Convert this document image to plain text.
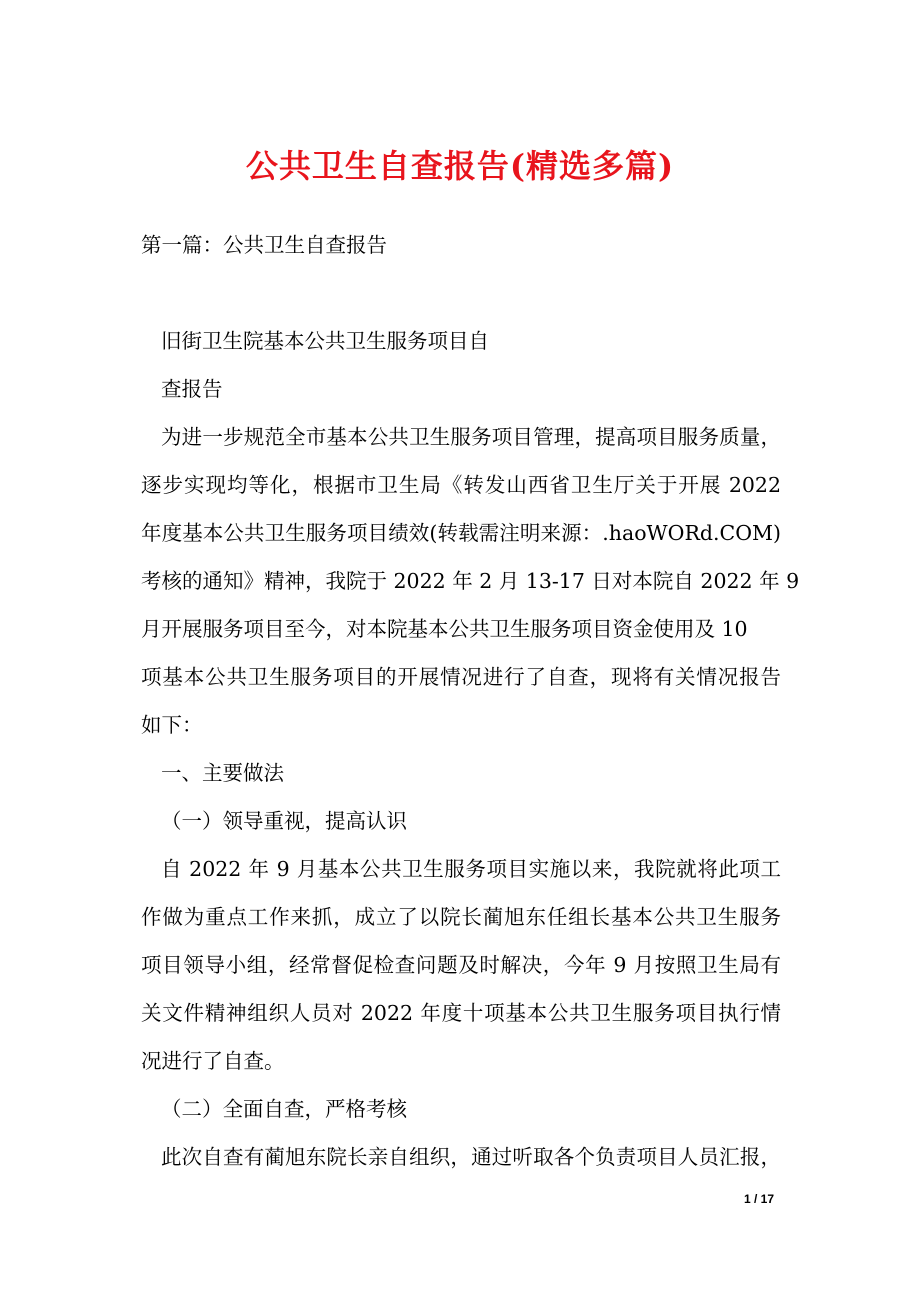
公共卫生自查报告(精选多篇)
第一篇：公共卫生自查报告
旧街卫生院基本公共卫生服务项目自
查报告
为进一步规范全市基本公共卫生服务项目管理，提高项目服务质量，
逐步实现均等化，根据市卫生局《转发山西省卫生厅关于开展 2022
年度基本公共卫生服务项目绩效(转载需注明来源：.haoWORd.COM)
考核的通知》精神，我院于 2022 年 2 月 13-17 日对本院自 2022 年 9
月开展服务项目至今，对本院基本公共卫生服务项目资金使用及 10
项基本公共卫生服务项目的开展情况进行了自查，现将有关情况报告
如下：
一、主要做法
（一）领导重视，提高认识
自 2022 年 9 月基本公共卫生服务项目实施以来，我院就将此项工
作做为重点工作来抓，成立了以院长蔺旭东任组长基本公共卫生服务
项目领导小组，经常督促检查问题及时解决，今年 9 月按照卫生局有
关文件精神组织人员对 2022 年度十项基本公共卫生服务项目执行情
况进行了自查。
（二）全面自查，严格考核
此次自查有蔺旭东院长亲自组织，通过听取各个负责项目人员汇报，
1 / 17
